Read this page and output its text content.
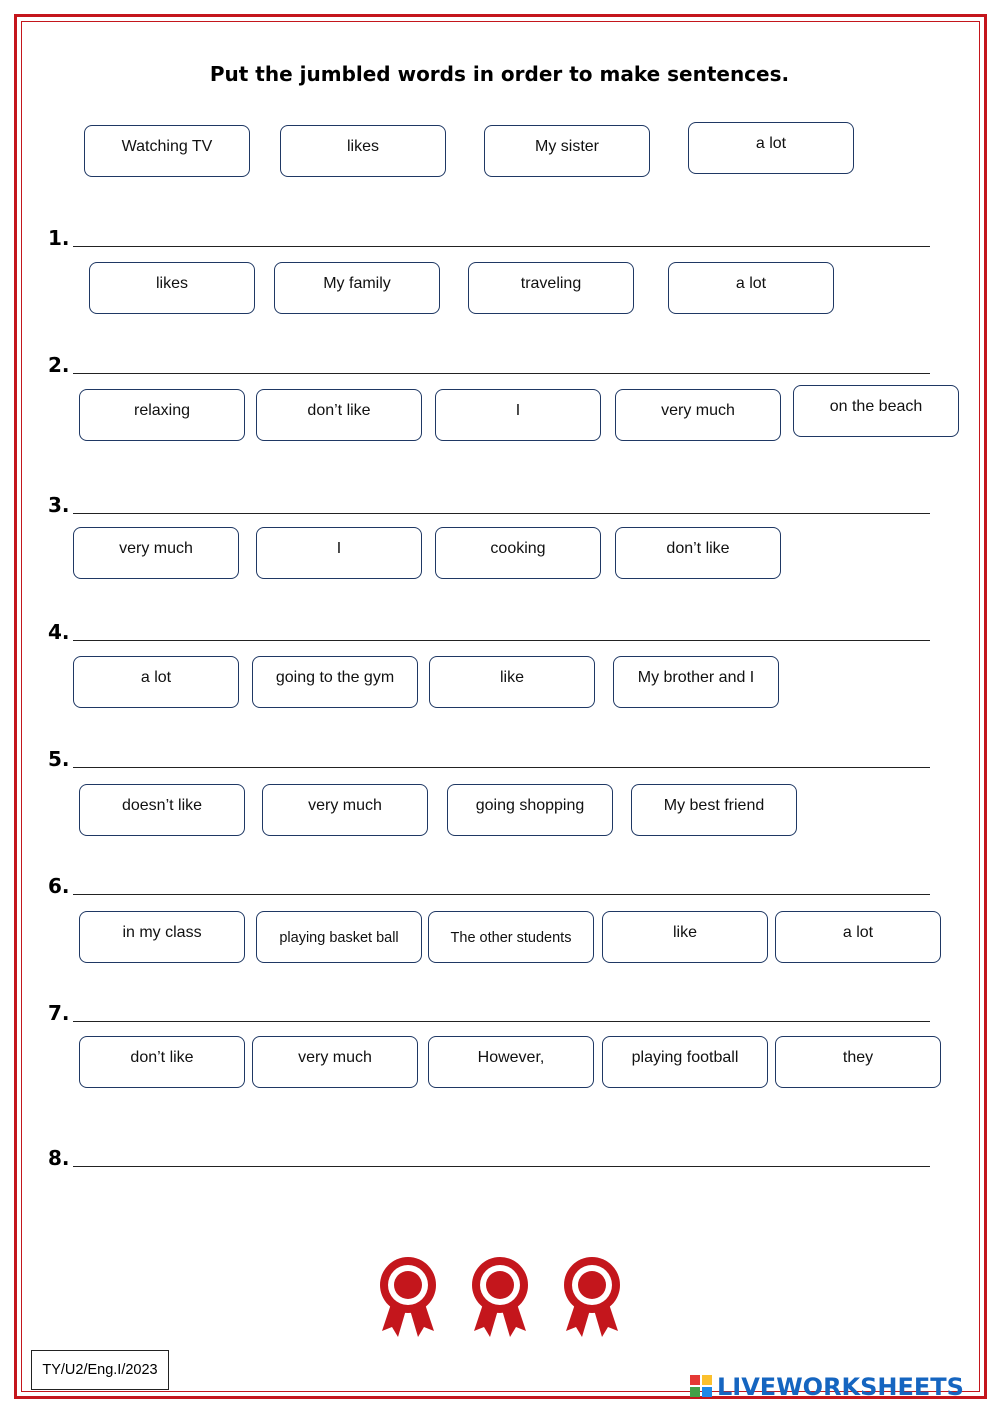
Put the jumbled words in order to make sentences.
Watching TV	likes	My sister	a lot
1.
likes	My family	traveling	a lot
2.
relaxing	don’t like	I	very much	on the beach
3.
very much	I	cooking	don’t like
4.
a lot	going to the gym	like	My brother and I
5.
doesn’t like	very much	going shopping	My best friend
6.
in my class	playing basket ball	The other students	like	a lot
7.
don’t like	very much	However,	playing football	they
8.
TY/U2/Eng.I/2023
LIVEWORKSHEETS
